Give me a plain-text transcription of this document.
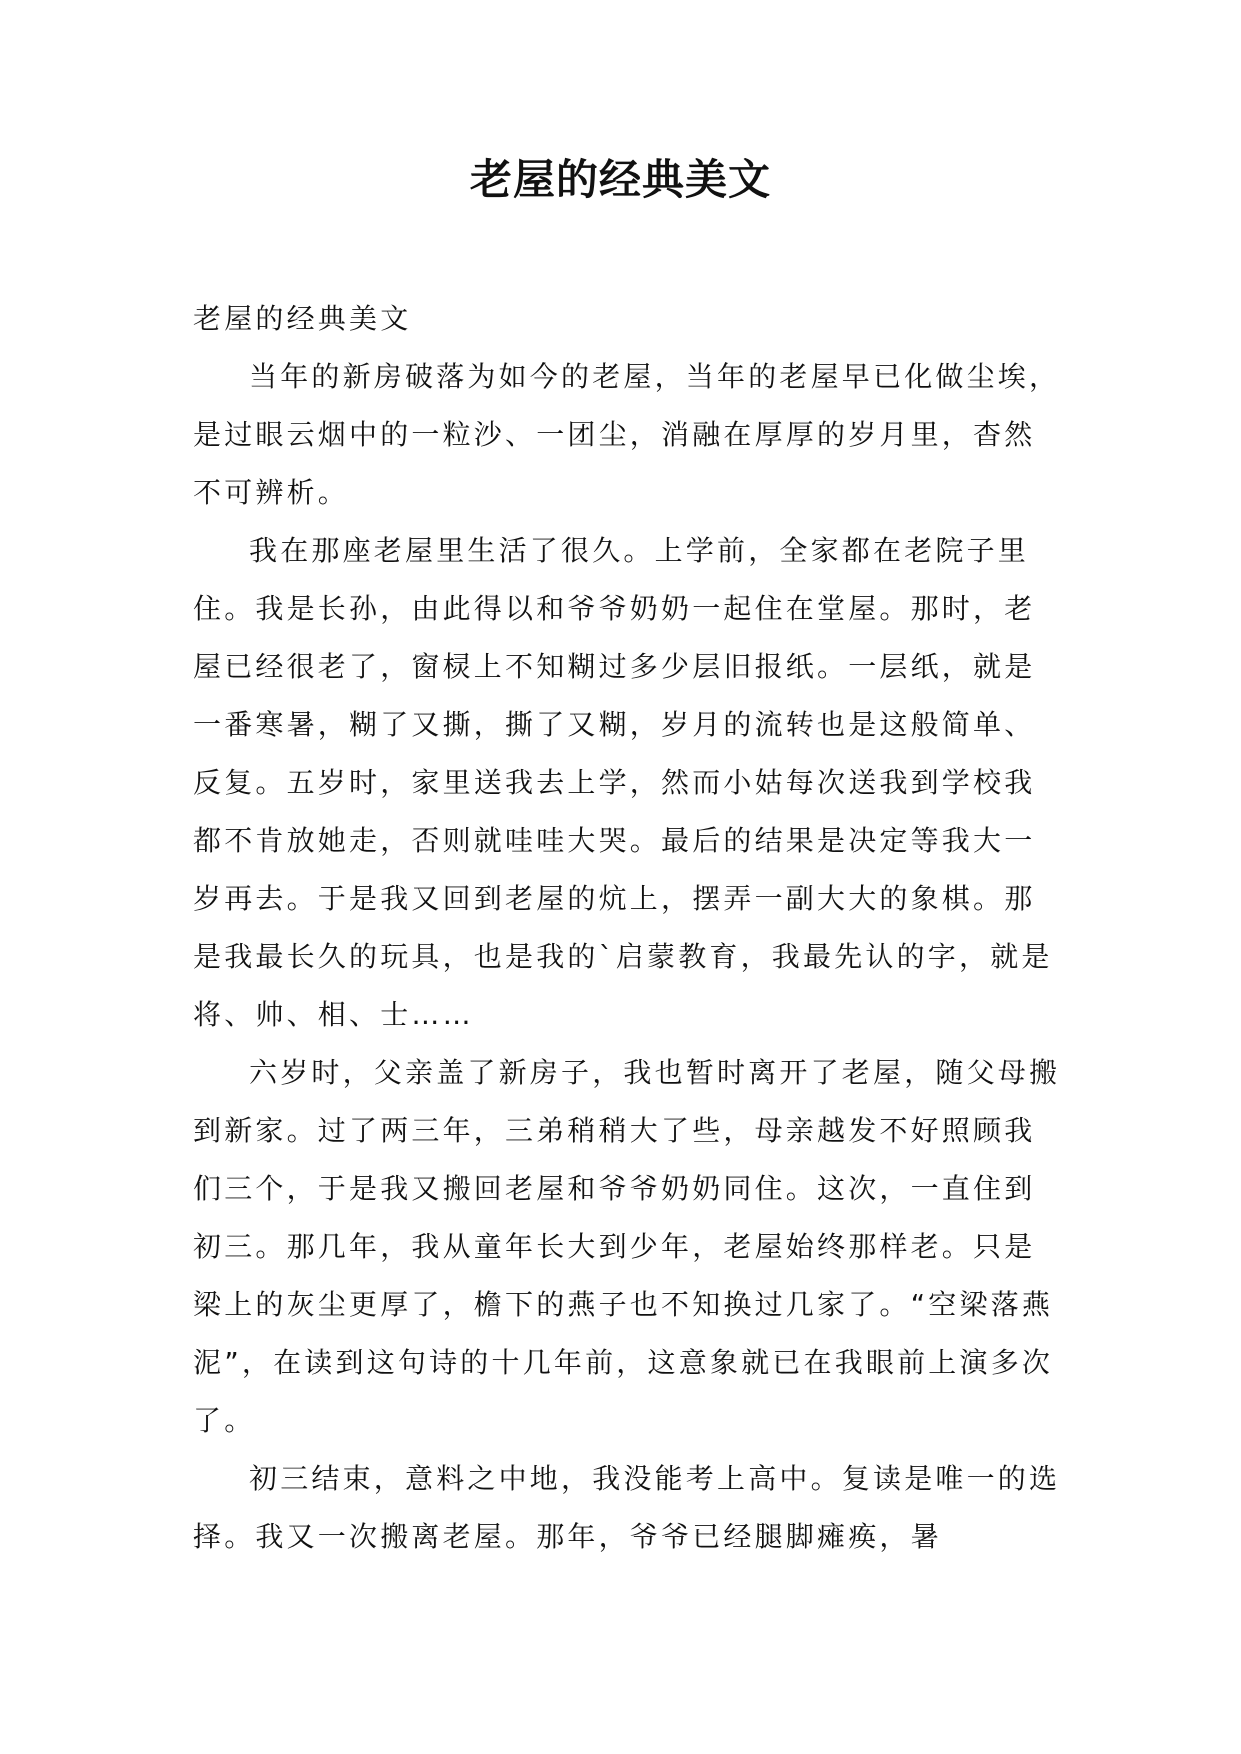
老屋的经典美文

老屋的经典美文

当年的新房破落为如今的老屋，当年的老屋早已化做尘埃，是过眼云烟中的一粒沙、一团尘，消融在厚厚的岁月里，杳然不可辨析。

我在那座老屋里生活了很久。上学前，全家都在老院子里住。我是长孙，由此得以和爷爷奶奶一起住在堂屋。那时，老屋已经很老了，窗棂上不知糊过多少层旧报纸。一层纸，就是一番寒暑，糊了又撕，撕了又糊，岁月的流转也是这般简单、反复。五岁时，家里送我去上学，然而小姑每次送我到学校我都不肯放她走，否则就哇哇大哭。最后的结果是决定等我大一岁再去。于是我又回到老屋的炕上，摆弄一副大大的象棋。那是我最长久的玩具，也是我的`启蒙教育，我最先认的字，就是将、帅、相、士……

六岁时，父亲盖了新房子，我也暂时离开了老屋，随父母搬到新家。过了两三年，三弟稍稍大了些，母亲越发不好照顾我们三个，于是我又搬回老屋和爷爷奶奶同住。这次，一直住到初三。那几年，我从童年长大到少年，老屋始终那样老。只是梁上的灰尘更厚了，檐下的燕子也不知换过几家了。“空梁落燕泥”，在读到这句诗的十几年前，这意象就已在我眼前上演多次了。

初三结束，意料之中地，我没能考上高中。复读是唯一的选择。我又一次搬离老屋。那年，爷爷已经腿脚瘫痪，暑
